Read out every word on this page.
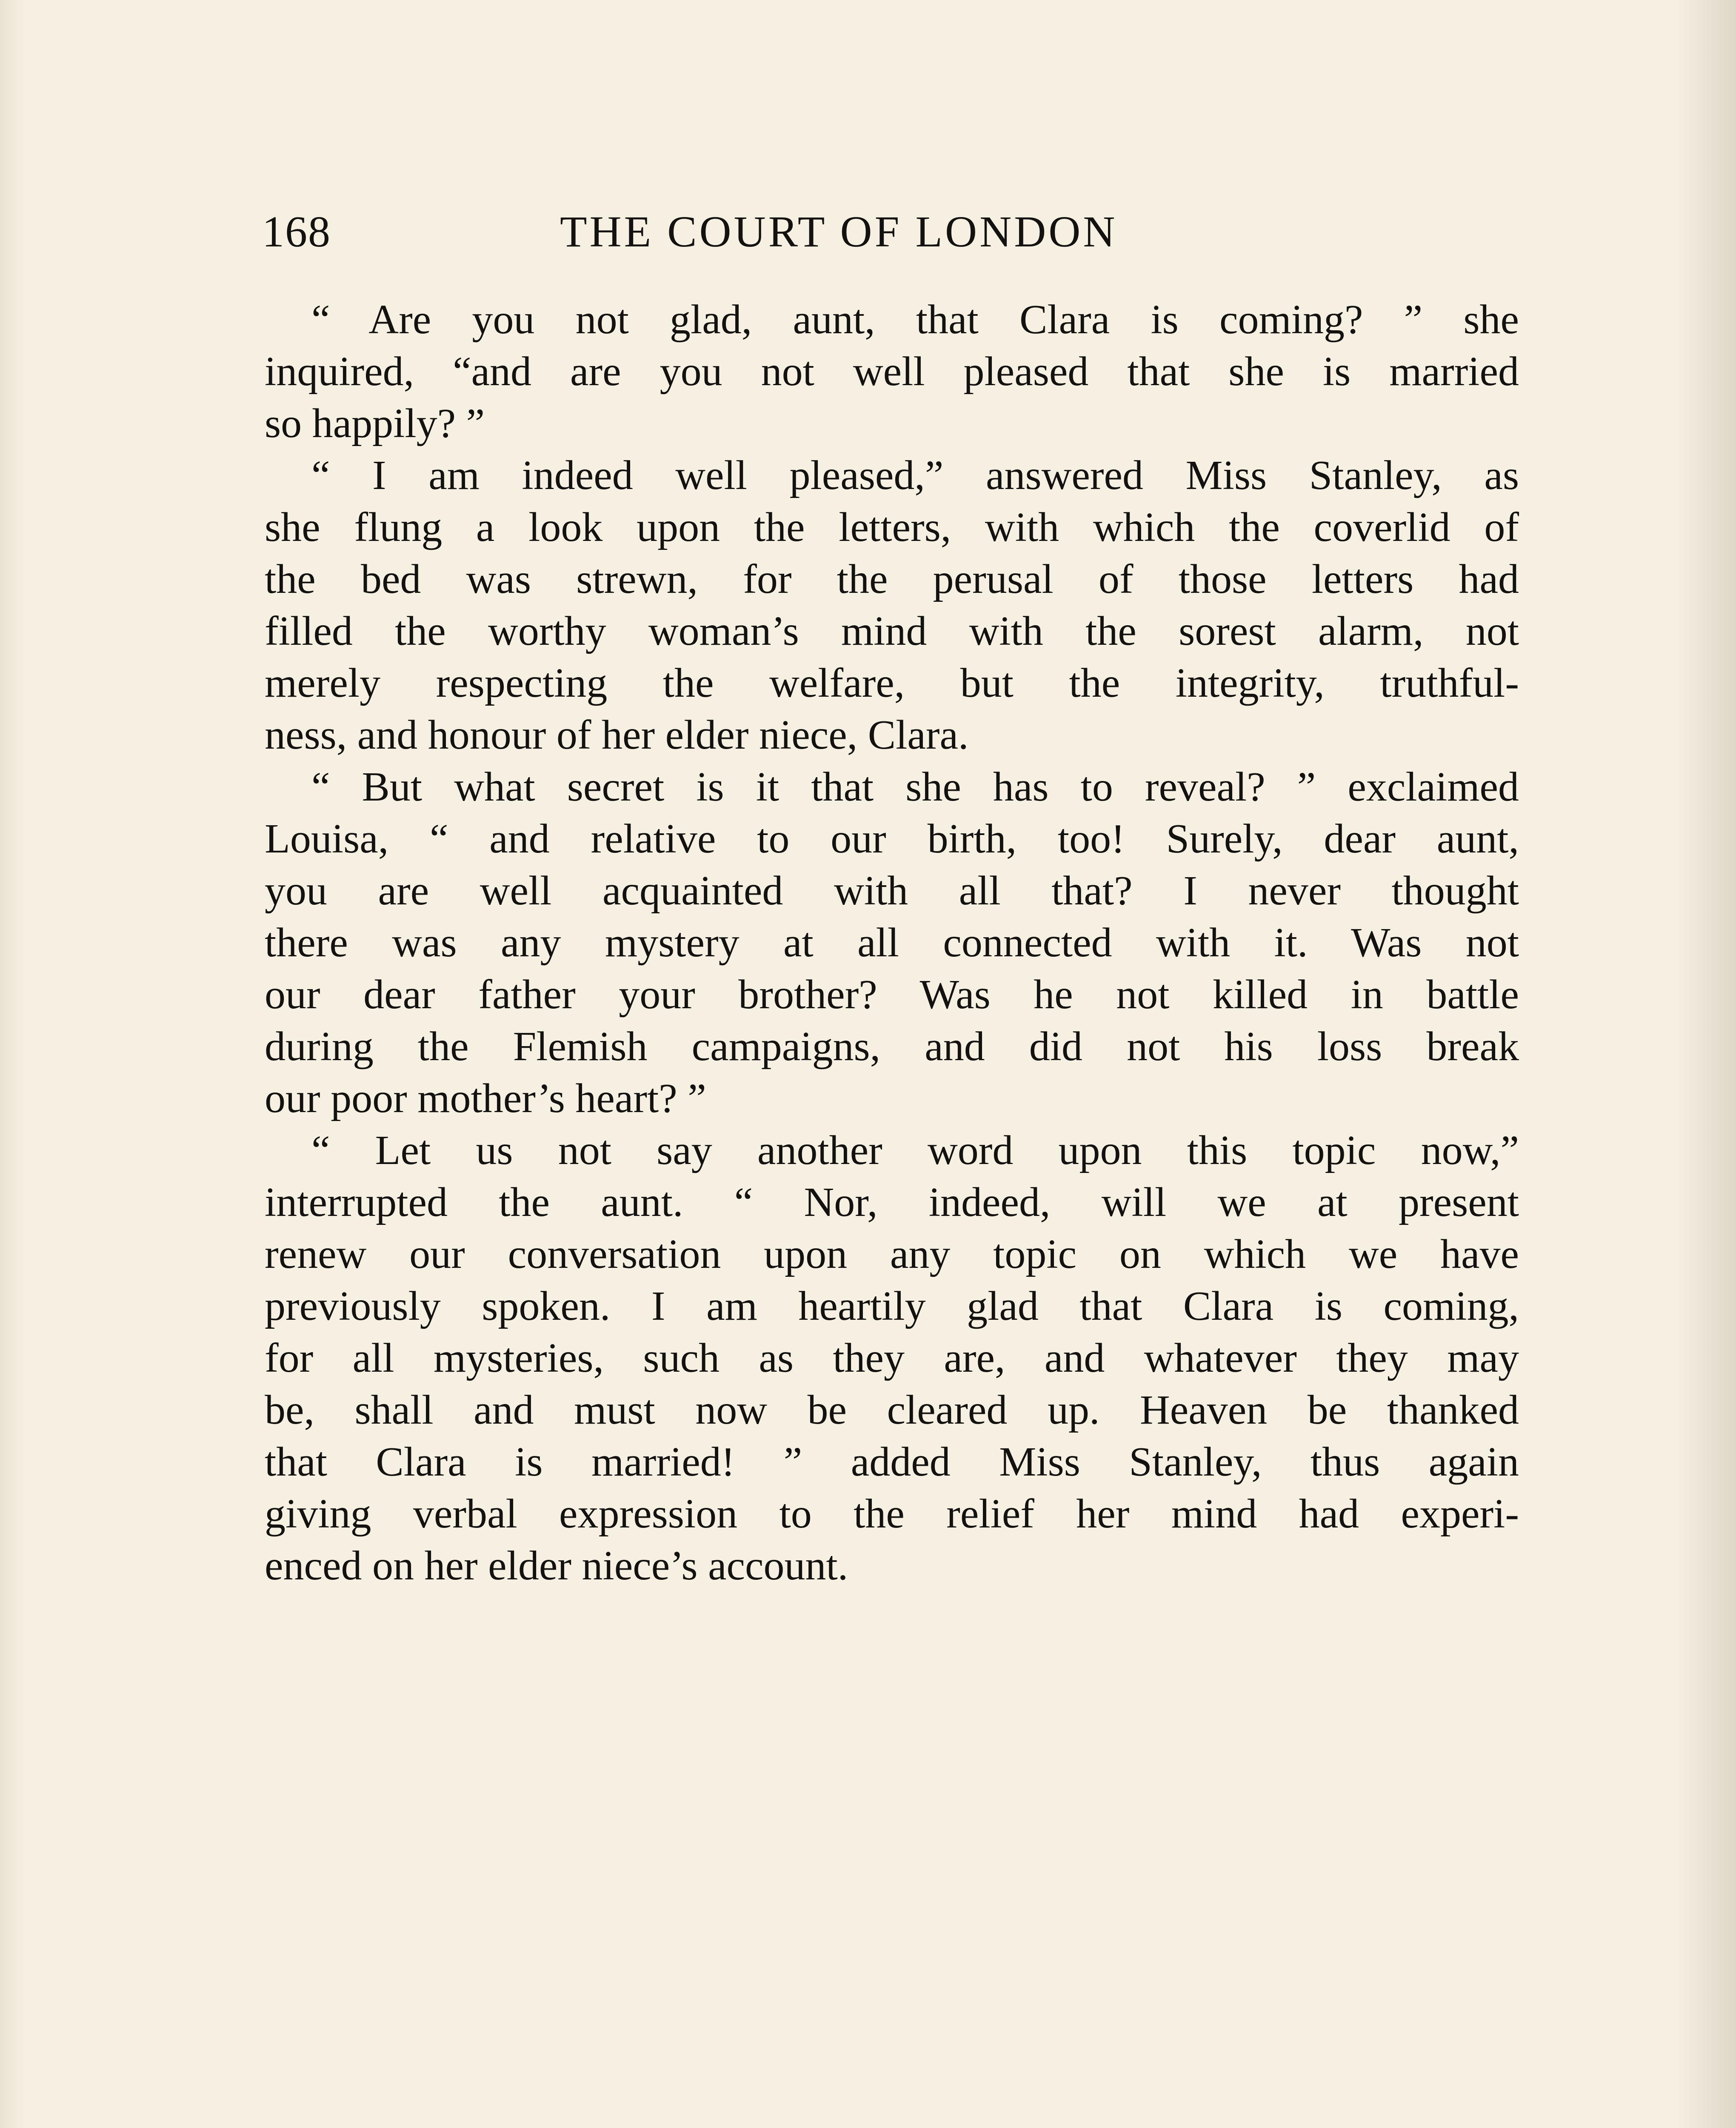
168	THE COURT OF LONDON
“ Are you not glad, aunt, that Clara is coming? ” she
inquired, “and are you not well pleased that she is married
so happily? ”
“ I am indeed well pleased,” answered Miss Stanley, as
she flung a look upon the letters, with which the coverlid of
the bed was strewn, for the perusal of those letters had
filled the worthy woman’s mind with the sorest alarm, not
merely respecting the welfare, but the integrity, truthful-
ness, and honour of her elder niece, Clara.
“ But what secret is it that she has to reveal? ” exclaimed
Louisa, “ and relative to our birth, too! Surely, dear aunt,
you are well acquainted with all that? I never thought
there was any mystery at all connected with it. Was not
our dear father your brother? Was he not killed in battle
during the Flemish campaigns, and did not his loss break
our poor mother’s heart? ”
“ Let us not say another word upon this topic now,”
interrupted the aunt. “ Nor, indeed, will we at present
renew our conversation upon any topic on which we have
previously spoken. I am heartily glad that Clara is coming,
for all mysteries, such as they are, and whatever they may
be, shall and must now be cleared up. Heaven be thanked
that Clara is married! ” added Miss Stanley, thus again
giving verbal expression to the relief her mind had experi-
enced on her elder niece’s account.
